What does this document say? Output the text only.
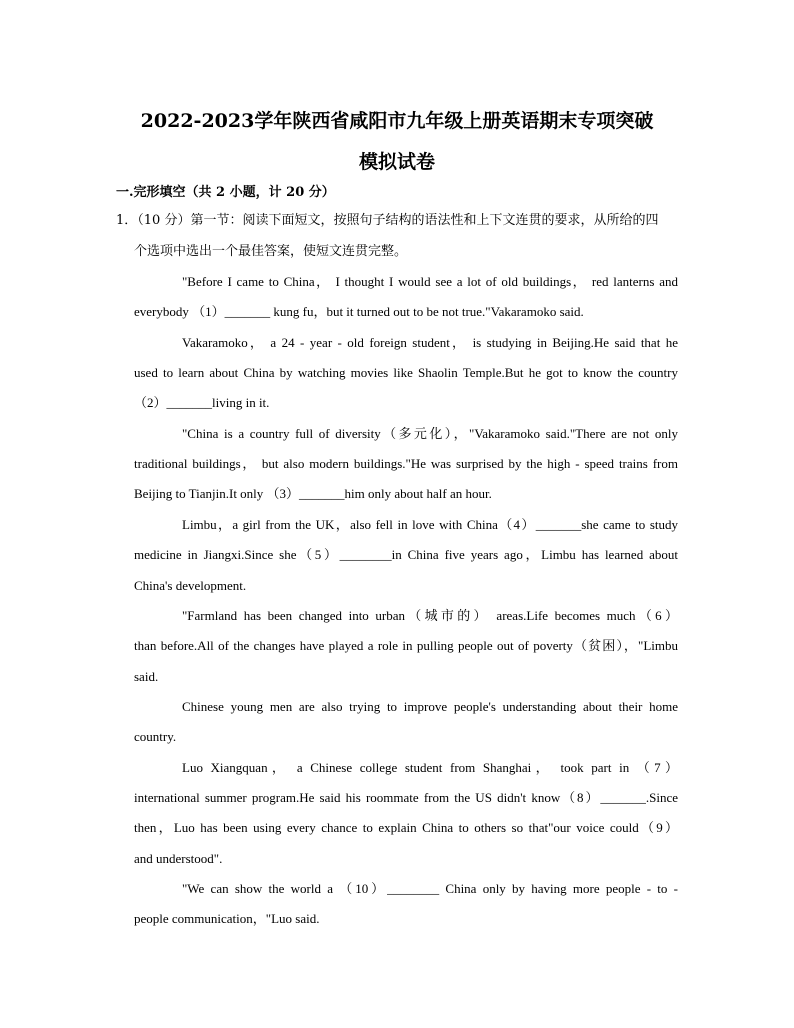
2022-2023学年陕西省咸阳市九年级上册英语期末专项突破
模拟试卷
一.完形填空（共 2 小题，计 20 分）
1．（10 分）第一节：阅读下面短文，按照句子结构的语法性和上下文连贯的要求，从所给的四
个选项中选出一个最佳答案，使短文连贯完整。
"Before I came to China， I thought I would see a lot of old buildings， red lanterns and
everybody （1）_______ kung fu，but it turned out to be not true."Vakaramoko said.
Vakaramoko， a 24 - year - old foreign student， is studying in Beijing.He said that he
used to learn about China by watching movies like Shaolin Temple.But he got to know the country
（2）_______living in it.
"China is a country full of diversity（多元化），"Vakaramoko said."There are not only
traditional buildings， but also modern buildings."He was surprised by the high - speed trains from
Beijing to Tianjin.It only （3）_______him only about half an hour.
Limbu，a girl from the UK，also fell in love with China（4）_______she came to study
medicine in Jiangxi.Since she（5）________in China five years ago，Limbu has learned about
China's development.
"Farmland has been changed into urban（城市的） areas.Life becomes much（6）
than before.All of the changes have played a role in pulling people out of poverty（贫困），"Limbu
said.
Chinese young men are also trying to improve people's understanding about their home
country.
Luo Xiangquan， a Chinese college student from Shanghai， took part in （7）
international summer program.He said his roommate from the US didn't know（8）_______.Since
then，Luo has been using every chance to explain China to others so that"our voice could（9）
and understood".
"We can show the world a （10）________ China only by having more people - to -
people communication，"Luo said.
